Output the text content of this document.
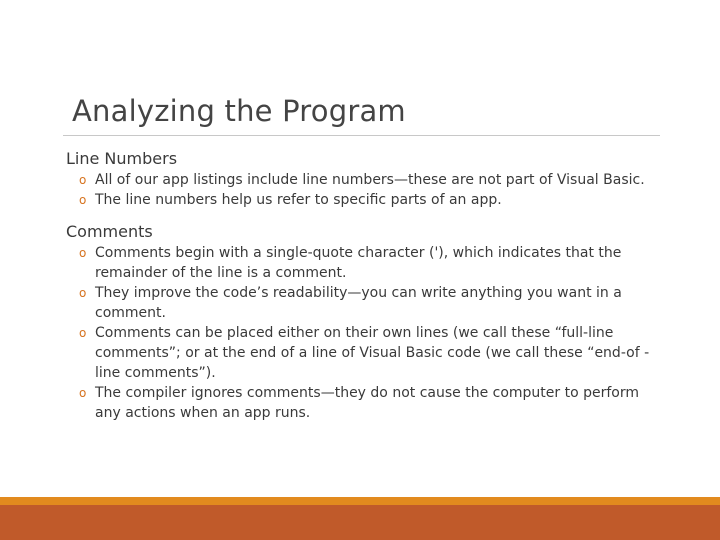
Analyzing the Program

Line Numbers

o All of our app listings include line numbers—these are not part of Visual Basic.
o The line numbers help us refer to specific parts of an app.

Comments

o Comments begin with a single-quote character ('), which indicates that the remainder of the line is a comment.
o They improve the code’s readability—you can write anything you want in a comment.
o Comments can be placed either on their own lines (we call these “full-line comments”; or at the end of a line of Visual Basic code (we call these “end-of -line comments”).
o The compiler ignores comments—they do not cause the computer to perform any actions when an app runs.
